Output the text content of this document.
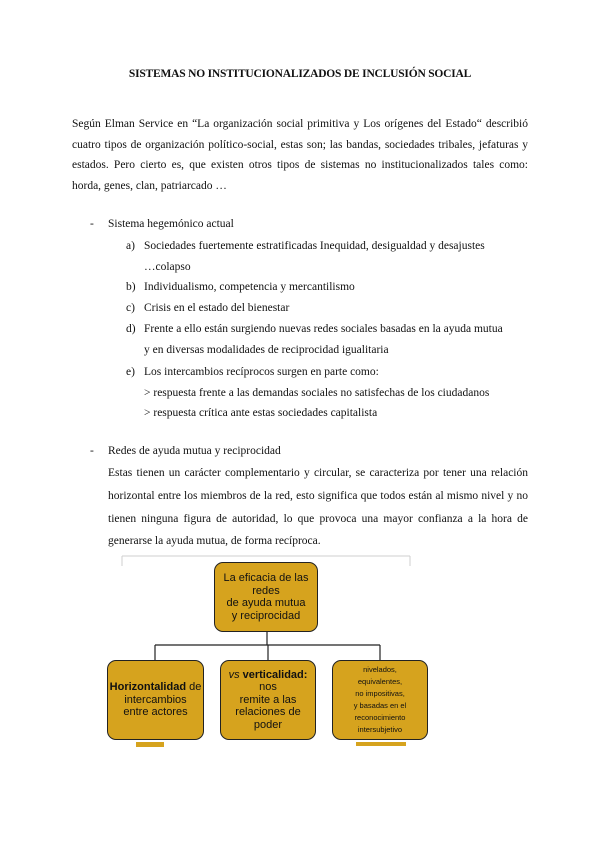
SISTEMAS NO INSTITUCIONALIZADOS DE INCLUSIÓN SOCIAL
Según Elman Service en “La organización social primitiva y Los orígenes del Estado“ describió cuatro tipos de organización político-social, estas son; las bandas, sociedades tribales, jefaturas y estados. Pero cierto es, que existen otros tipos de sistemas no institucionalizados tales como: horda, genes, clan, patriarcado …
- Sistema hegemónico actual
a) Sociedades fuertemente estratificadas Inequidad, desigualdad y desajustes
…colapso
b) Individualismo, competencia y mercantilismo
c) Crisis en el estado del bienestar
d) Frente a ello están surgiendo nuevas redes sociales basadas en la ayuda mutua
y en diversas modalidades de reciprocidad igualitaria
e) Los intercambios recíprocos surgen en parte como:
> respuesta frente a las demandas sociales no satisfechas de los ciudadanos
> respuesta crítica ante estas sociedades capitalista
- Redes de ayuda mutua y reciprocidad
Estas tienen un carácter complementario y circular, se caracteriza por tener una relación horizontal entre los miembros de la red, esto significa que todos están al mismo nivel y no tienen ninguna figura de autoridad, lo que provoca una mayor confianza a la hora de generarse la ayuda mutua, de forma recíproca.
La eficacia de las
redes
de ayuda mutua
y reciprocidad
Horizontalidad de
intercambios
entre actores
vs verticalidad:
nos
remite a las
relaciones de poder
nivelados,
equivalentes,
no impositivas,
y basadas en el
reconocimiento
intersubjetivo
